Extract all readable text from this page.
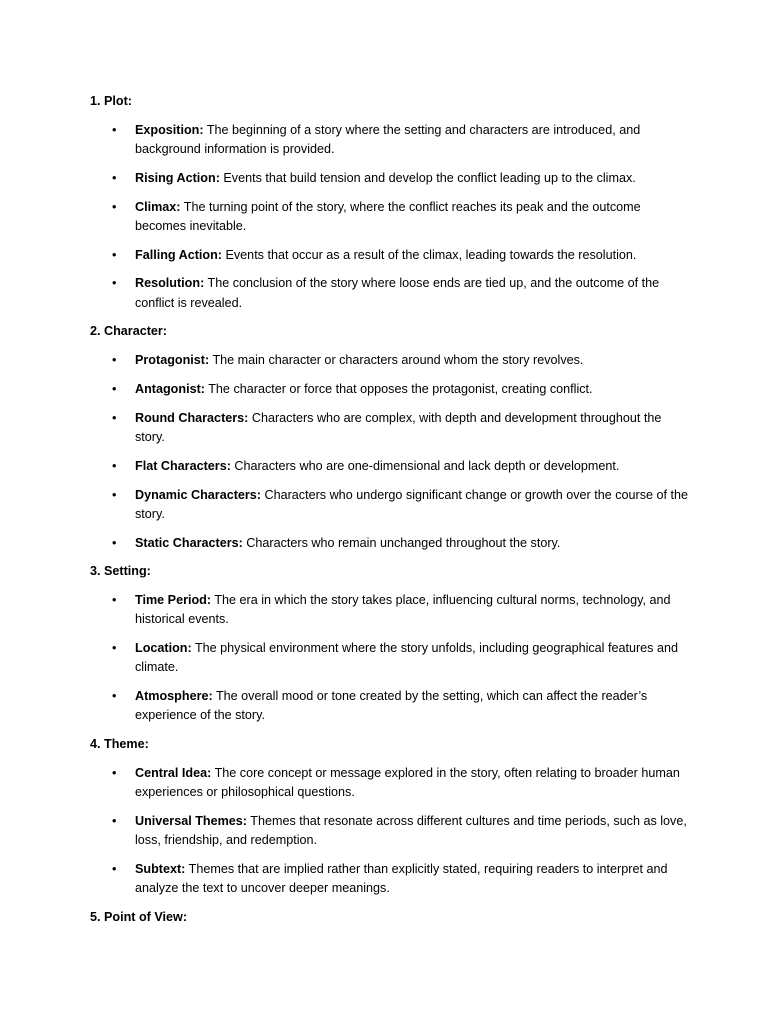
1. Plot:
• Exposition: The beginning of a story where the setting and characters are introduced, and background information is provided.
• Rising Action: Events that build tension and develop the conflict leading up to the climax.
• Climax: The turning point of the story, where the conflict reaches its peak and the outcome becomes inevitable.
• Falling Action: Events that occur as a result of the climax, leading towards the resolution.
• Resolution: The conclusion of the story where loose ends are tied up, and the outcome of the conflict is revealed.
2. Character:
• Protagonist: The main character or characters around whom the story revolves.
• Antagonist: The character or force that opposes the protagonist, creating conflict.
• Round Characters: Characters who are complex, with depth and development throughout the story.
• Flat Characters: Characters who are one-dimensional and lack depth or development.
• Dynamic Characters: Characters who undergo significant change or growth over the course of the story.
• Static Characters: Characters who remain unchanged throughout the story.
3. Setting:
• Time Period: The era in which the story takes place, influencing cultural norms, technology, and historical events.
• Location: The physical environment where the story unfolds, including geographical features and climate.
• Atmosphere: The overall mood or tone created by the setting, which can affect the reader’s experience of the story.
4. Theme:
• Central Idea: The core concept or message explored in the story, often relating to broader human experiences or philosophical questions.
• Universal Themes: Themes that resonate across different cultures and time periods, such as love, loss, friendship, and redemption.
• Subtext: Themes that are implied rather than explicitly stated, requiring readers to interpret and analyze the text to uncover deeper meanings.
5. Point of View:
